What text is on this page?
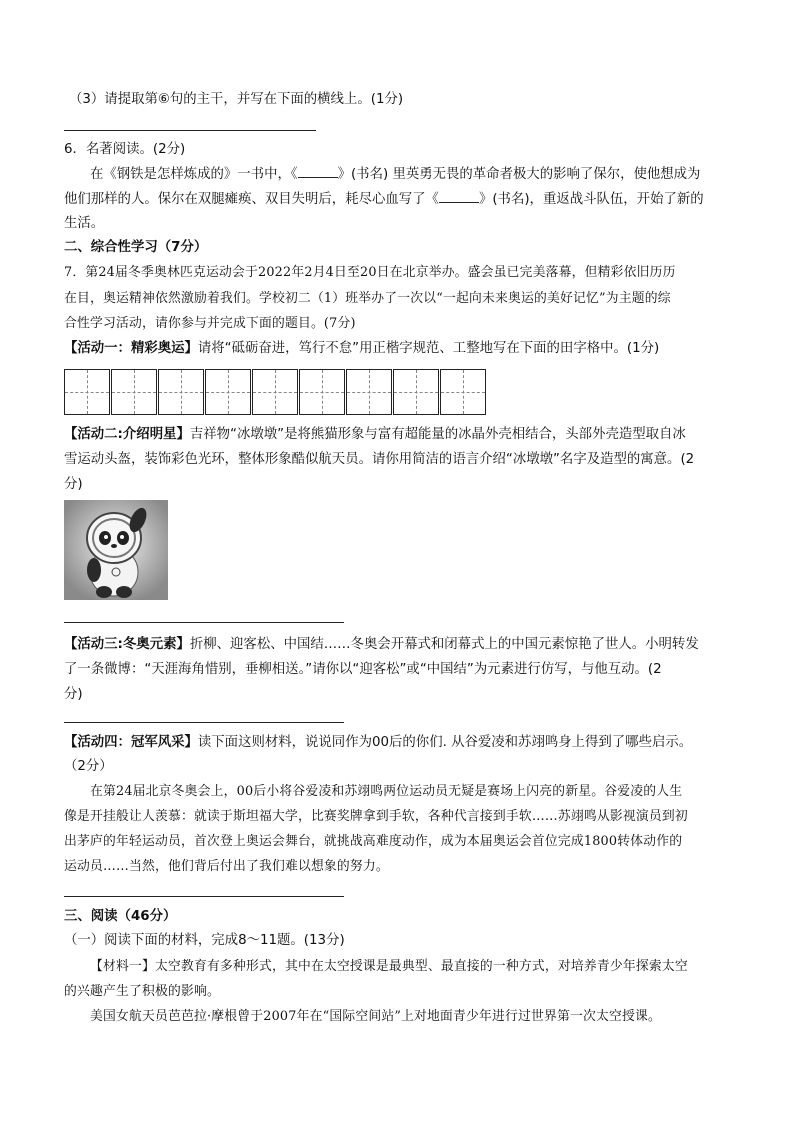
（3）请提取第⑥句的主干，并写在下面的横线上。(1分)
6．名著阅读。(2分)
在《钢铁是怎样炼成的》一书中，《	》(书名) 里英勇无畏的革命者极大的影响了保尔，使他想成为
他们那样的人。保尔在双腿瘫痪、双目失明后，耗尽心血写了《	》(书名)，重返战斗队伍，开始了新的
生活。
二、综合性学习（7分）
7．第24届冬季奥林匹克运动会于2022年2月4日至20日在北京举办。盛会虽已完美落幕，但精彩依旧历历
在目，奥运精神依然激励着我们。学校初二（1）班举办了一次以“一起向未来奥运的美好记忆”为主题的综
合性学习活动，请你参与并完成下面的题目。(7分)
【活动一：精彩奥运】请将“砥砺奋进，笃行不怠”用正楷字规范、工整地写在下面的田字格中。(1分)
【活动二:介绍明星】吉祥物“冰墩墩”是将熊猫形象与富有超能量的冰晶外壳相结合，头部外壳造型取自冰
雪运动头盔，装饰彩色光环，整体形象酷似航天员。请你用简洁的语言介绍“冰墩墩”名字及造型的寓意。(2
分)
【活动三:冬奥元素】折柳、迎客松、中国结……冬奥会开幕式和闭幕式上的中国元素惊艳了世人。小明转发
了一条微博：“天涯海角惜别，垂柳相送。”请你以“迎客松”或“中国结”为元素进行仿写，与他互动。(2
分)
【活动四：冠军风采】读下面这则材料，说说同作为00后的你们. 从谷爱凌和苏翊鸣身上得到了哪些启示。
（2分）
在第24届北京冬奥会上，00后小将谷爱凌和苏翊鸣两位运动员无疑是赛场上闪亮的新星。谷爱凌的人生
像是开挂般让人羡慕：就读于斯坦福大学，比赛奖牌拿到手软，各种代言接到手软……苏翊鸣从影视演员到初
出茅庐的年轻运动员，首次登上奥运会舞台，就挑战高难度动作，成为本届奥运会首位完成1800转体动作的
运动员……当然，他们背后付出了我们难以想象的努力。
三、阅读（46分）
（一）阅读下面的材料，完成8～11题。(13分)
【材料一】太空教育有多种形式，其中在太空授课是最典型、最直接的一种方式，对培养青少年探索太空
的兴趣产生了积极的影响。
美国女航天员芭芭拉·摩根曾于2007年在“国际空间站”上对地面青少年进行过世界第一次太空授课。
